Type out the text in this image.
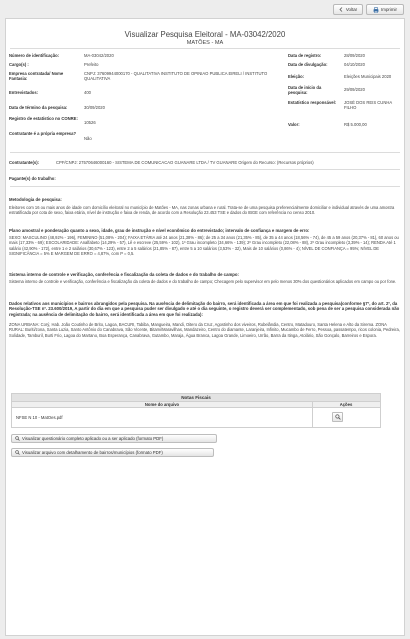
Voltar	Imprimir
Visualizar Pesquisa Eleitoral - MA-03042/2020
MATÕES - MA
Número de identificação:	MA-03042/2020
Cargo(s) :	Prefeito
Empresa contratada/ Nome Fantasia:
CNPJ: 37609944000170 - QUALITATIVA INSTITUTO DE OPINIAO PUBLICA EIRELI / INSTITUTO QUALITATIVA
Entrevistados:	400
Data de término da pesquisa:	30/09/2020
Registro de estatístico no CONRE:
10526
Contratante é a própria empresa?
Não
Data de registro:	28/09/2020
Data de divulgação:	04/10/2020
Eleição:	Eleições Municipais 2020
Data de início da pesquisa:
29/09/2020
Estatístico responsável:	JOSÉ DOS REIS CUNHA FILHO
Valor:	R$ 5.000,00
Contratante(s):	CPF/CNPJ: 27570646000160 - SISTEMA DE COMUNICACAO GUANARE LTDA / TV GUANARE Origem do Recurso: (Recursos próprios)
Pagante(s) do trabalho:
Metodologia de pesquisa:
Eleitores com 16 ou mais anos de idade com domicílio eleitoral no município de Matões - MA, nas zonas urbana e rural. Trata-se de uma pesquisa preferencialmente domiciliar e individual através de uma amostra estratificada por cota de sexo, faixa etária, nível de instrução e faixa de renda, de acordo com a Resolução 23.453 TSE e dados do IBGE com referência no censo 2010.
Plano amostral e ponderação quanto a sexo, idade, grau de instrução e nível econômico do entrevistado; intervalo de confiança e margem de erro:
SEXO: MASCULINO (48,92% - 196), FEMININO (51,08% - 204); FAIXA ETÁRIA até 24 anos (21,38% - 86); de 25 a 34 anos (21,35% - 85), de 35 a 44 anos (18,56% - 74), de 45 a 59 anos (20,37% - 81), 60 anos ou mais (17,33% - 69); ESCOLARIDADE: Analfabeto (14,29% - 57), Lê e escreve (25,59% - 102), 1º Grau incompleto (34,66% - 139); 2º Grau incompleto (22,08% - 88), 2º Grau incompleto (3,39% - 14); RENDA Até 1 salário (42,90% - 172), entre 1 e 2 salários (30,67% - 123), entre 2 a 5 salários (21,85% - 87), entre 5 a 10 salários (3,53% - 32), Mais de 10 salários (0,86% - 4); NÍVEL DE CONFIANÇA = 95%; NÍVEL DE SIGNIFICÂNCIA = 5% E MARGEM DE ERRO = 4,87%, com P = 0,5.
Sistema interno de controle e verificação, conferência e fiscalização da coleta de dados e do trabalho de campo:
Sistema interno de controle e verificação, conferência e fiscalização da coleta de dados e do trabalho de campo; Checagem pelo supervisor em pelo menos 30% dos questionários aplicados em campo ou por fone.
Dados relativos aos municípios e bairros abrangidos pela pesquisa. Na ausência de delimitação do bairro, será identificada a área em que foi realizada a pesquisa(conforme §7º, do art. 2º, da Resolução-TSE nº. 23.600/2019, A partir do dia em que a pesquisa puder ser divulgado e até o dia seguinte, o registro deverá ser complementado, sob pena de ser a pesquisa considerada não registrada; na ausência de delimitação do bairro, será identificada a área em que foi realizada):
ZONA URBANA: Corý, Hab. João Coutinho de Brito, Lagoa, BACURI, Tabiba, Mangueira, Mandi, Oitero da Cruz, Agostinho dos viveiros, Rubelândia, Centro, Matadouro, Santa Helena e Alto da Sirema. ZONA RURAL: Buriti/zona, Santa Luzia, Santo Antônio do Canabrava, São Vicente, Bitami/Maravilhas, Mandazeiro, Centro do diamante, Laranjeira, Infinito, Mucambo de Ferro, Pessoa, passatempo, ricos colonia, Pedreira, Solidade, Tamburil, Burti Frio, Lagoa do Martano, Boa Esperança, Canabrava, Gutambo, Maraja, Água Branca, Lagoa Grande, Limoeiro, Urrão, Barra da Itinga, Atolário, São Gonçalo, Barreiros e Espora.
Notas Fiscais
Nome do arquivo	Ações
NFSE N 10 - MatOes.pdf
Visualizar questionário completo aplicado ou a ser aplicado (formato PDF)
Visualizar arquivo com detalhamento de bairros/municípios (formato PDF)
